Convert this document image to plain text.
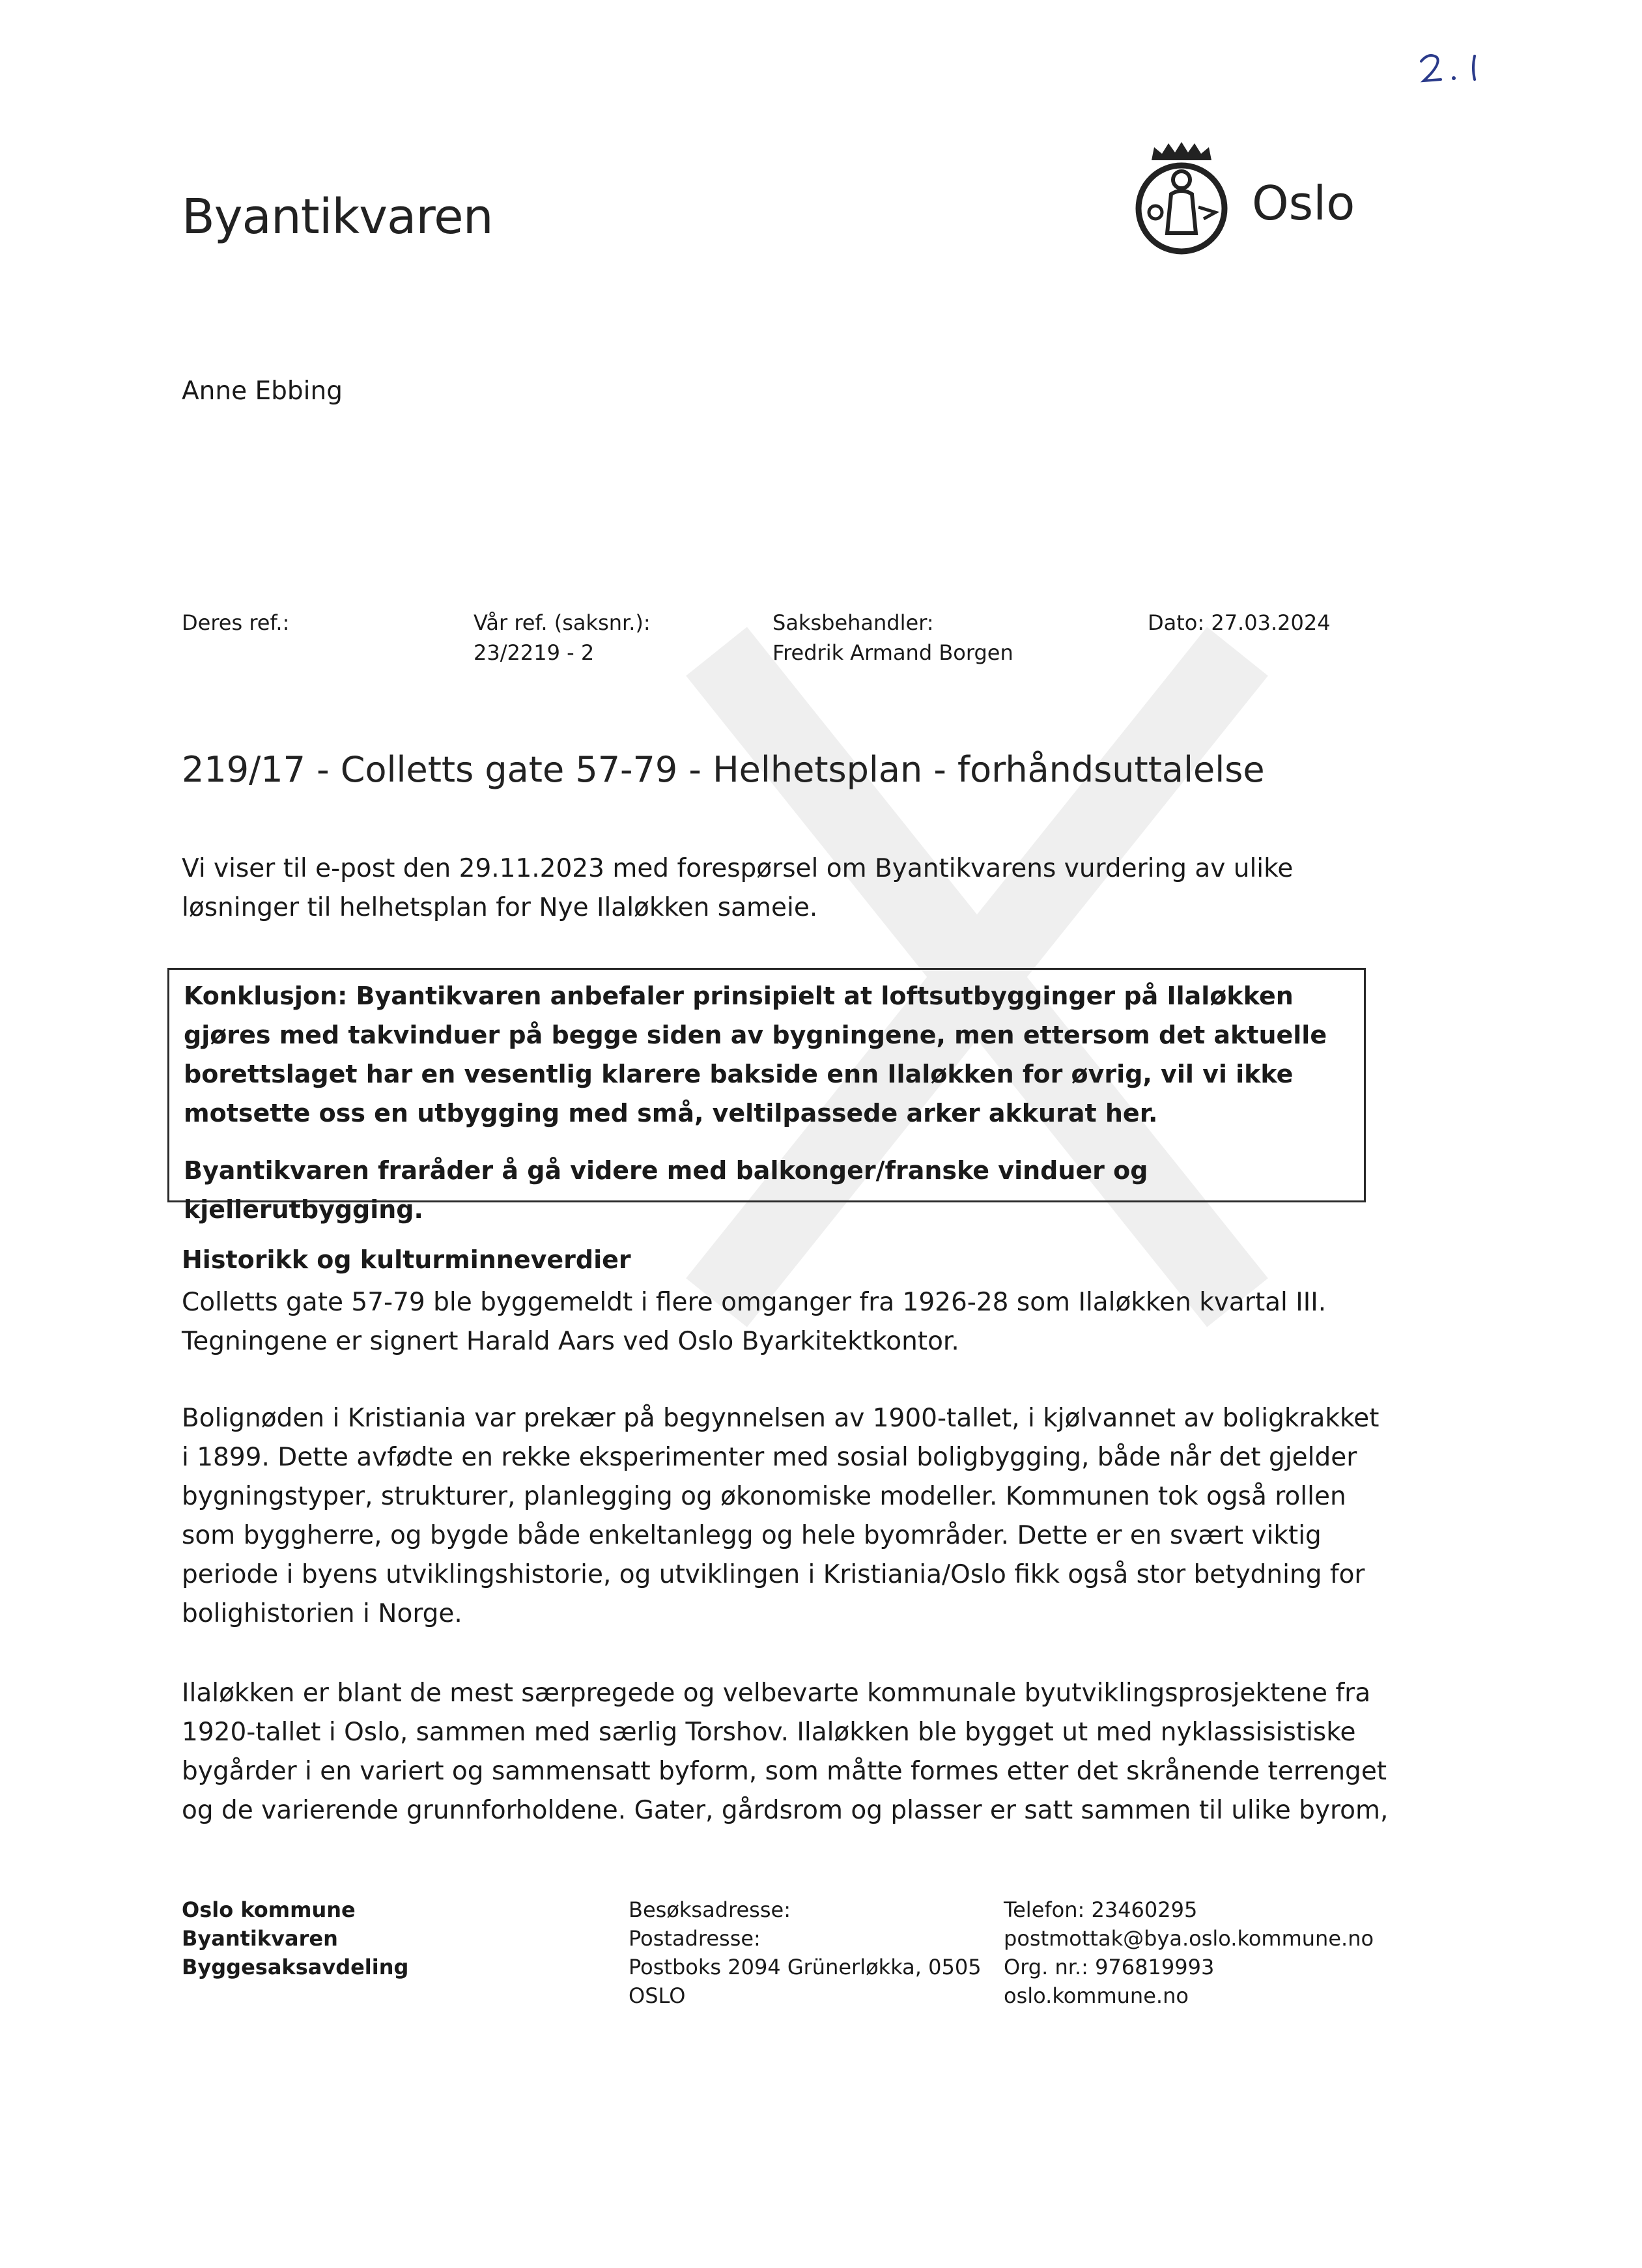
Byantikvaren	Oslo
Anne Ebbing
Deres ref.:	Vår ref. (saksnr.):
23/2219 - 2
Saksbehandler:
Fredrik Armand Borgen
Dato: 27.03.2024
219/17 - Colletts gate 57-79 - Helhetsplan - forhåndsuttalelse
Vi viser til e-post den 29.11.2023 med forespørsel om Byantikvarens vurdering av ulike løsninger til helhetsplan for Nye Ilaløkken sameie.
Konklusjon: Byantikvaren anbefaler prinsipielt at loftsutbygginger på Ilaløkken gjøres med takvinduer på begge siden av bygningene, men ettersom det aktuelle borettslaget har en vesentlig klarere bakside enn Ilaløkken for øvrig, vil vi ikke motsette oss en utbygging med små, veltilpassede arker akkurat her.
Byantikvaren fraråder å gå videre med balkonger/franske vinduer og kjellerutbygging.
Historikk og kulturminneverdier
Colletts gate 57-79 ble byggemeldt i flere omganger fra 1926-28 som Ilaløkken kvartal III. Tegningene er signert Harald Aars ved Oslo Byarkitektkontor.
Bolignøden i Kristiania var prekær på begynnelsen av 1900-tallet, i kjølvannet av boligkrakket i 1899. Dette avfødte en rekke eksperimenter med sosial boligbygging, både når det gjelder bygningstyper, strukturer, planlegging og økonomiske modeller. Kommunen tok også rollen som byggherre, og bygde både enkeltanlegg og hele byområder. Dette er en svært viktig periode i byens utviklingshistorie, og utviklingen i Kristiania/Oslo fikk også stor betydning for bolighistorien i Norge.
Ilaløkken er blant de mest særpregede og velbevarte kommunale byutviklingsprosjektene fra 1920-tallet i Oslo, sammen med særlig Torshov. Ilaløkken ble bygget ut med nyklassisistiske bygårder i en variert og sammensatt byform, som måtte formes etter det skrånende terrenget og de varierende grunnforholdene. Gater, gårdsrom og plasser er satt sammen til ulike byrom,
Oslo kommune
Byantikvaren
Byggesaksavdeling
Besøksadresse:
Postadresse:
Postboks 2094 Grünerløkka, 0505
OSLO
Telefon: 23460295
postmottak@bya.oslo.kommune.no
Org. nr.: 976819993
oslo.kommune.no
